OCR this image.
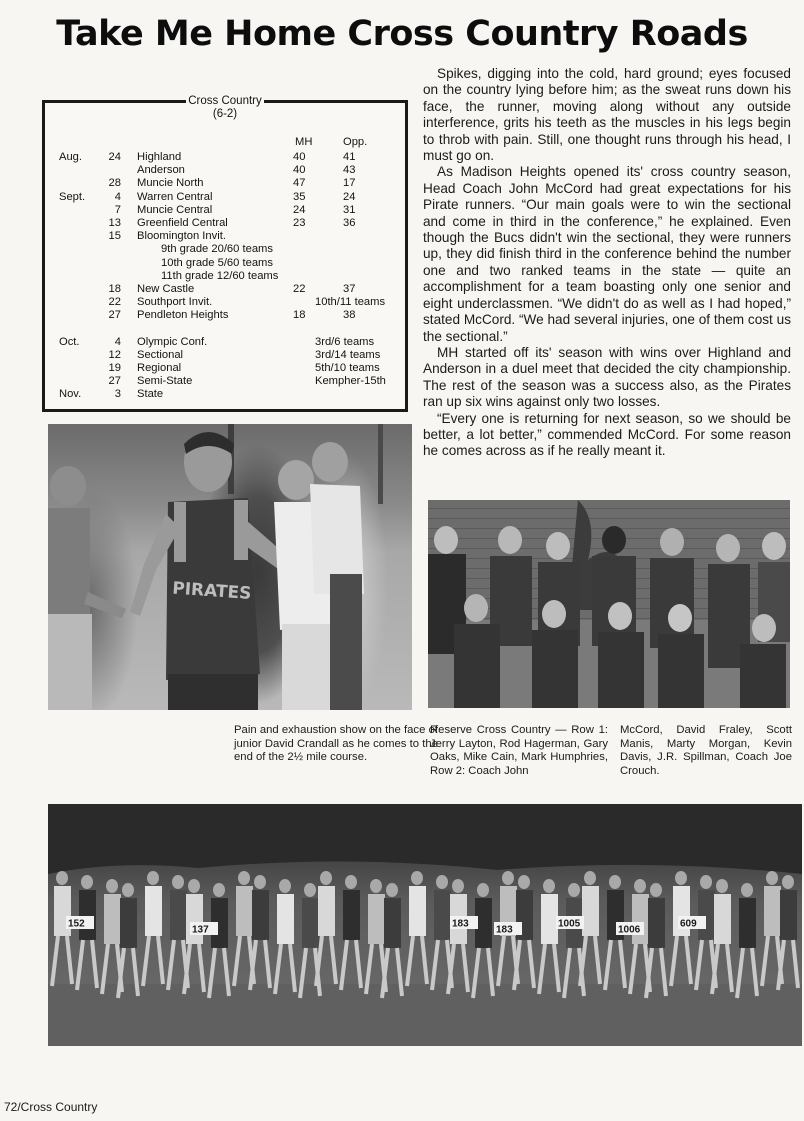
Take Me Home Cross Country Roads
Cross Country
(6-2)
MH	Opp.
Aug.	24 Highland	40	41
Anderson	40	43
28 Muncie North	47	17
Sept.	4 Warren Central	35	24
7 Muncie Central	24	31
13 Greenfield Central	23	36
15 Bloomington Invit.
9th grade 20/60 teams
10th grade 5/60 teams
11th grade 12/60 teams
18 New Castle	22	37
22 Southport Invit.	10th/11 teams
27 Pendleton Heights	18	38
Oct.	4 Olympic Conf.	3rd/6 teams
12 Sectional	3rd/14 teams
19 Regional	5th/10 teams
27 Semi-State	Kempher-15th
Nov.	3 State

Spikes, digging into the cold, hard ground; eyes focused on the country lying before him; as the sweat runs down his face, the runner, moving along without any outside interference, grits his teeth as the muscles in his legs begin to throb with pain. Still, one thought runs through his head, I must go on.

As Madison Heights opened its' cross country season, Head Coach John McCord had great expectations for his Pirate runners. “Our main goals were to win the sectional and come in third in the conference,” he explained. Even though the Bucs didn't win the sectional, they were runners up, they did finish third in the conference behind the number one and two ranked teams in the state — quite an accomplishment for a team boasting only one senior and eight underclassmen. “We didn't do as well as I had hoped,” stated McCord. “We had several injuries, one of them cost us the sectional.”

MH started off its' season with wins over Highland and Anderson in a duel meet that decided the city championship. The rest of the season was a success also, as the Pirates ran up six wins against only two losses.

“Every one is returning for next season, so we should be better, a lot better,” commended McCord. For some reason he comes across as if he really meant it.

PIRATES
Pain and exhaustion show on the face of junior David Crandall as he comes to the end of the 2½ mile course.
Reserve Cross Country — Row 1: Jerry Layton, Rod Hagerman, Gary Oaks, Mike Cain, Mark Humphries, Row 2: Coach John
McCord, David Fraley, Scott Manis, Marty Morgan, Kevin Davis, J.R. Spillman, Coach Joe Crouch.
152
137
183
183
1005
1006
609
72/Cross Country
